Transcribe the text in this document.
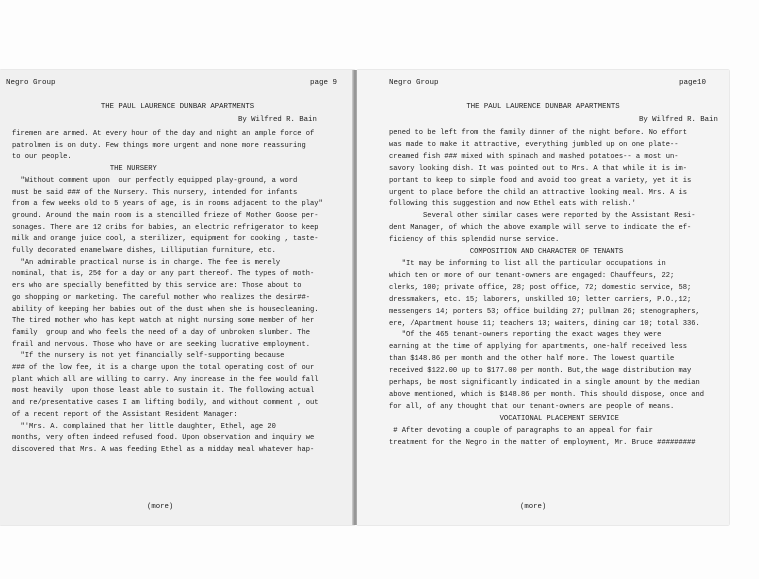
Negro Group	page 9
THE PAUL LAURENCE DUNBAR APARTMENTS
By Wilfred R. Bain
firemen are armed. At every hour of the day and night an ample force of
patrolmen is on duty. Few things more urgent and none more reassuring
to our people.
THE NURSERY
"Without comment upon  our perfectly equipped play-ground, a word
must be said ### of the Nursery. This nursery, intended for infants
from a few weeks old to 5 years of age, is in rooms adjacent to the play"
ground. Around the main room is a stencilled frieze of Mother Goose per-
sonages. There are 12 cribs for babies, an electric refrigerator to keep
milk and orange juice cool, a sterilizer, equipment for cooking , taste-
fully decorated enamelware dishes, Lilliputian furniture, etc.
"An admirable practical nurse is in charge. The fee is merely
nominal, that is, 25¢ for a day or any part thereof. The types of moth-
ers who are specially benefitted by this service are: Those about to
go shopping or marketing. The careful mother who realizes the desir##-
ability of keeping her babies out of the dust when she is housecleaning.
The tired mother who has kept watch at night nursing some member of her
family  group and who feels the need of a day of unbroken slumber. The
frail and nervous. Those who have or are seeking lucrative employment.
"If the nursery is not yet financially self-supporting because
### of the low fee, it is a charge upon the total operating cost of our
plant which all are willing to carry. Any increase in the fee would fall
most heavily  upon those least able to sustain it. The following actual
and re/presentative cases I am lifting bodily, and without comment , out
of a recent report of the Assistant Resident Manager:
"'Mrs. A. complained that her little daughter, Ethel, age 20
months, very often indeed refused food. Upon observation and inquiry we
discovered that Mrs. A was feeding Ethel as a midday meal whatever hap-
(more)
Negro Group	page10
THE PAUL LAURENCE DUNBAR APARTMENTS
By Wilfred R. Bain
pened to be left from the family dinner of the night before. No effort
was made to make it attractive, everything jumbled up on one plate--
creamed fish ### mixed with spinach and mashed potatoes-- a most un-
savory looking dish. It was pointed out to Mrs. A that while it is im-
portant to keep to simple food and avoid too great a variety, yet it is
urgent to place before the child an attractive looking meal. Mrs. A is
following this suggestion and now Ethel eats with relish.'
Several other similar cases were reported by the Assistant Resi-
dent Manager, of which the above example will serve to indicate the ef-
ficiency of this splendid nurse service.
COMPOSITION AND CHARACTER OF TENANTS
"It may be informing to list all the particular occupations in
which ten or more of our tenant-owners are engaged: Chauffeurs, 22;
clerks, 100; private office, 28; post office, 72; domestic service, 58;
dressmakers, etc. 15; laborers, unskilled 10; letter carriers, P.O.,12;
messengers 14; porters 53; office building 27; pullman 26; stenographers,
ere, /Apartment house 11; teachers 13; waiters, dining car 10; total 336.
"Of the 465 tenant-owners reporting the exact wages they were
earning at the time of applying for apartments, one-half received less
than $148.86 per month and the other half more. The lowest quartile
received $122.00 up to $177.00 per month. But,the wage distribution may
perhaps, be most significantly indicated in a single amount by the median
above mentioned, which is $148.86 per month. This should dispose, once and
for all, of any thought that our tenant-owners are people of means.
VOCATIONAL PLACEMENT SERVICE
# After devoting a couple of paragraphs to an appeal for fair
treatment for the Negro in the matter of employment, Mr. Bruce #########
(more)
